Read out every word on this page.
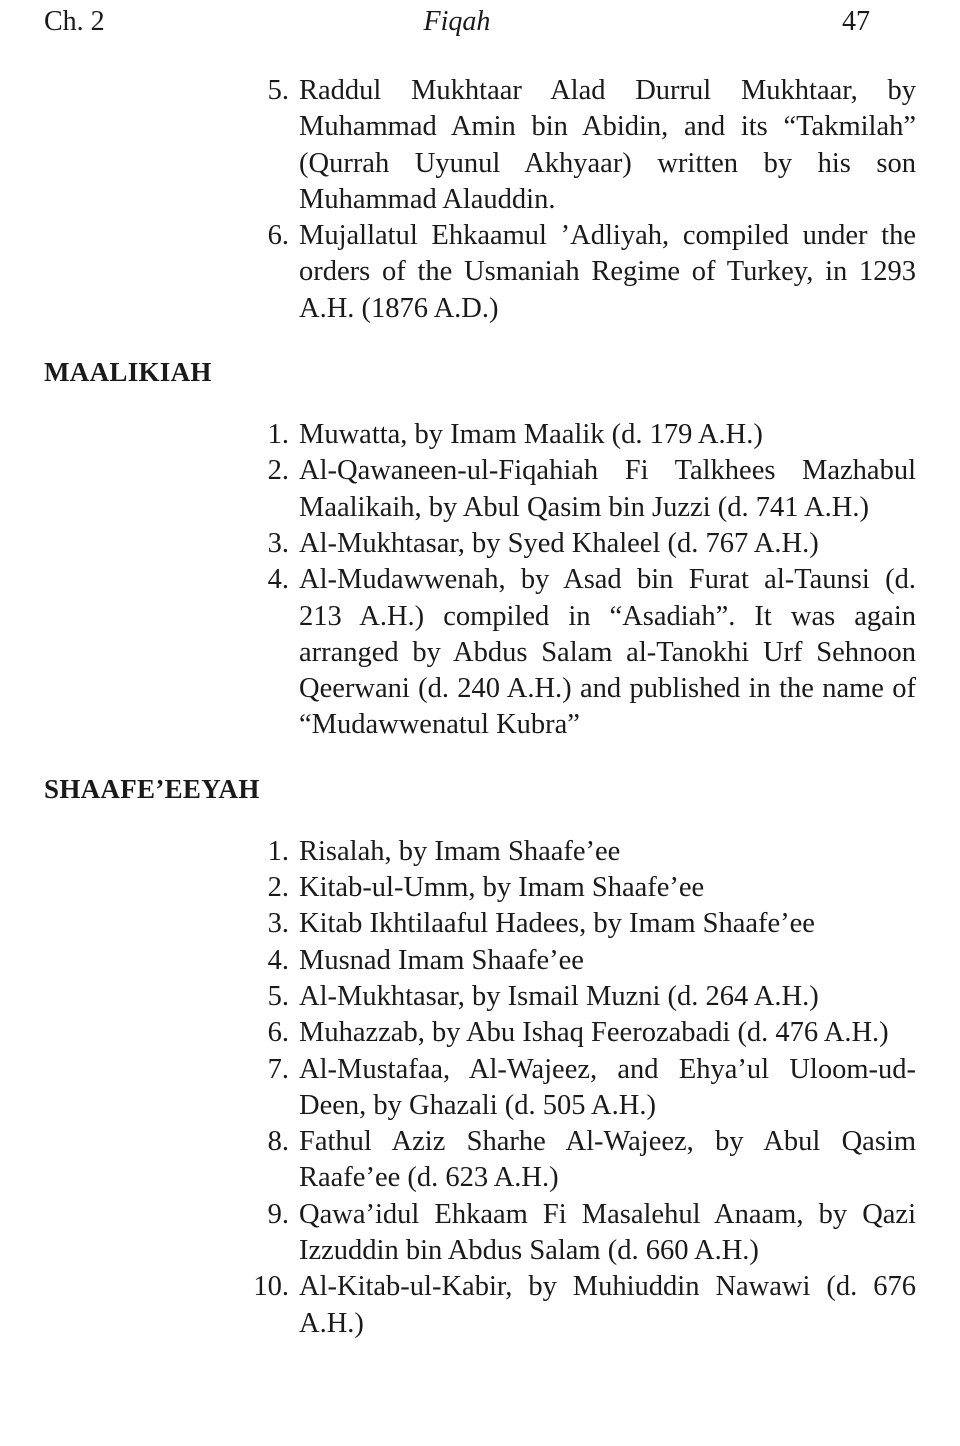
Ch. 2	Fiqah	47
5. Raddul Mukhtaar Alad Durrul Mukhtaar, by Muhammad Amin bin Abidin, and its “Takmilah” (Qurrah Uyunul Akhyaar) written by his son Muhammad Alauddin.
6. Mujallatul Ehkaamul ’Adliyah, compiled under the orders of the Usmaniah Regime of Turkey, in 1293 A.H. (1876 A.D.)
MAALIKIAH
1. Muwatta, by Imam Maalik (d. 179 A.H.)
2. Al-Qawaneen-ul-Fiqahiah Fi Talkhees Mazhabul Maalikaih, by Abul Qasim bin Juzzi (d. 741 A.H.)
3. Al-Mukhtasar, by Syed Khaleel (d. 767 A.H.)
4. Al-Mudawwenah, by Asad bin Furat al-Taunsi (d. 213 A.H.) compiled in “Asadiah”. It was again arranged by Abdus Salam al-Tanokhi Urf Sehnoon Qeerwani (d. 240 A.H.) and published in the name of “Mudawwenatul Kubra”
SHAAFE’EEYAH
1. Risalah, by Imam Shaafe’ee
2. Kitab-ul-Umm, by Imam Shaafe’ee
3. Kitab Ikhtilaaful Hadees, by Imam Shaafe’ee
4. Musnad Imam Shaafe’ee
5. Al-Mukhtasar, by Ismail Muzni (d. 264 A.H.)
6. Muhazzab, by Abu Ishaq Feerozabadi (d. 476 A.H.)
7. Al-Mustafaa, Al-Wajeez, and Ehya’ul Uloom-ud-Deen, by Ghazali (d. 505 A.H.)
8. Fathul Aziz Sharhe Al-Wajeez, by Abul Qasim Raafe’ee (d. 623 A.H.)
9. Qawa’idul Ehkaam Fi Masalehul Anaam, by Qazi Izzuddin bin Abdus Salam (d. 660 A.H.)
10. Al-Kitab-ul-Kabir, by Muhiuddin Nawawi (d. 676 A.H.)
